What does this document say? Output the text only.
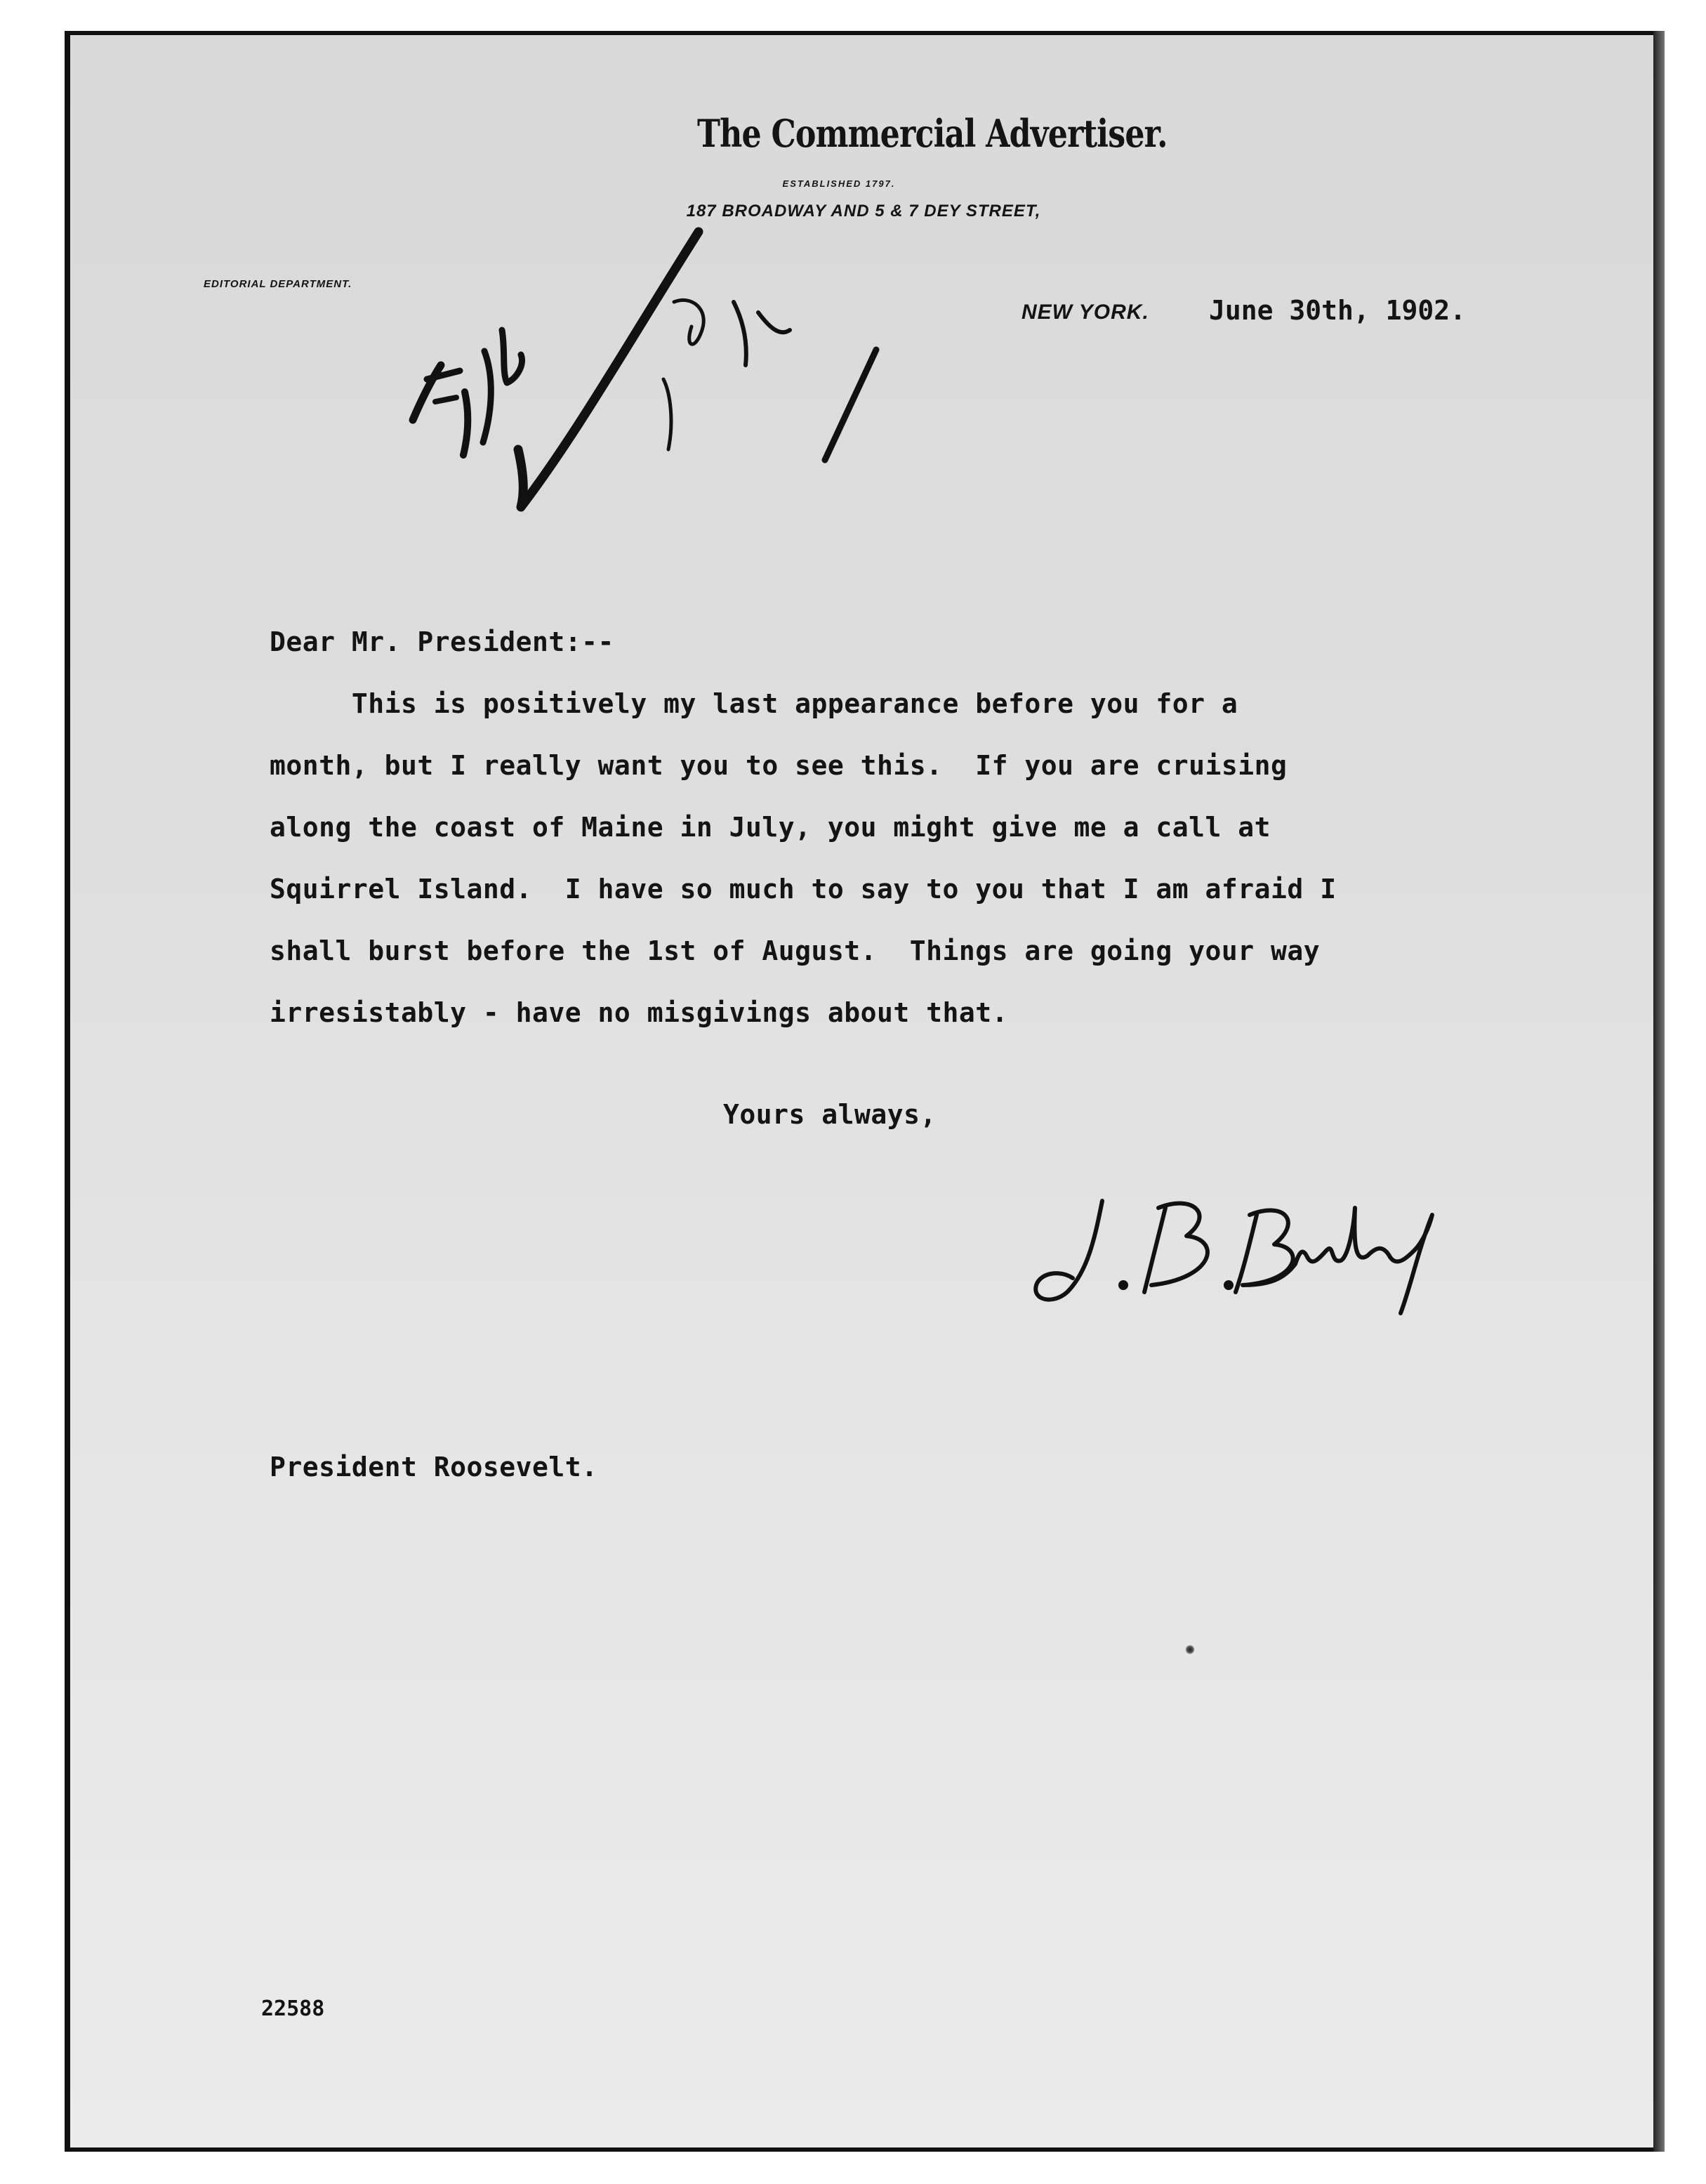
The Commercial Advertiser.
ESTABLISHED 1797.
187 BROADWAY AND 5 & 7 DEY STREET,
EDITORIAL DEPARTMENT.
NEW YORK. June 30th, 1902.
Dear Mr. President:--
This is positively my last appearance before you for a
month, but I really want you to see this.  If you are cruising
along the coast of Maine in July, you might give me a call at
Squirrel Island.  I have so much to say to you that I am afraid I
shall burst before the 1st of August.  Things are going your way
irresistably - have no misgivings about that.
Yours always,
President Roosevelt.
22588
